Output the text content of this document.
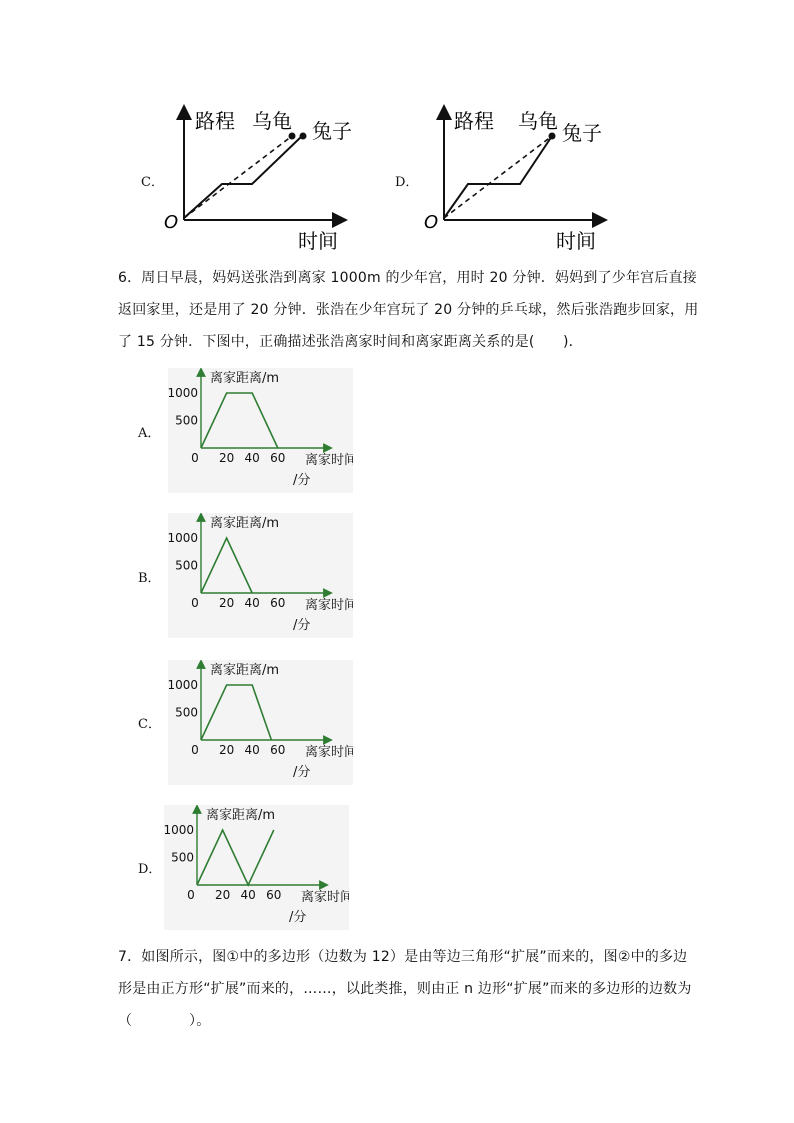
C．
路程 乌龟 兔子
O
时间
D．
路程 乌龟 兔子
O
时间
6．周日早晨，妈妈送张浩到离家 1000m 的少年宫，用时 20 分钟．妈妈到了少年宫后直接
返回家里，还是用了 20 分钟．张浩在少年宫玩了 20 分钟的乒乓球，然后张浩跑步回家，用
了 15 分钟．下图中，正确描述张浩离家时间和离家距离关系的是(　　)．
A．
离家距离/m
500
1000
0 20 40 60 离家时间
/分
B．
离家距离/m
500
1000
0 20 40 60 离家时间
/分
C．
离家距离/m
500
1000
0 20 40 60 离家时间
/分
D．
离家距离/m
500
1000
0 20 40 60 离家时间
/分
7．如图所示，图①中的多边形（边数为 12）是由等边三角形“扩展”而来的，图②中的多边
形是由正方形“扩展”而来的，……，以此类推，则由正 n 边形“扩展”而来的多边形的边数为
（　　　　）。
